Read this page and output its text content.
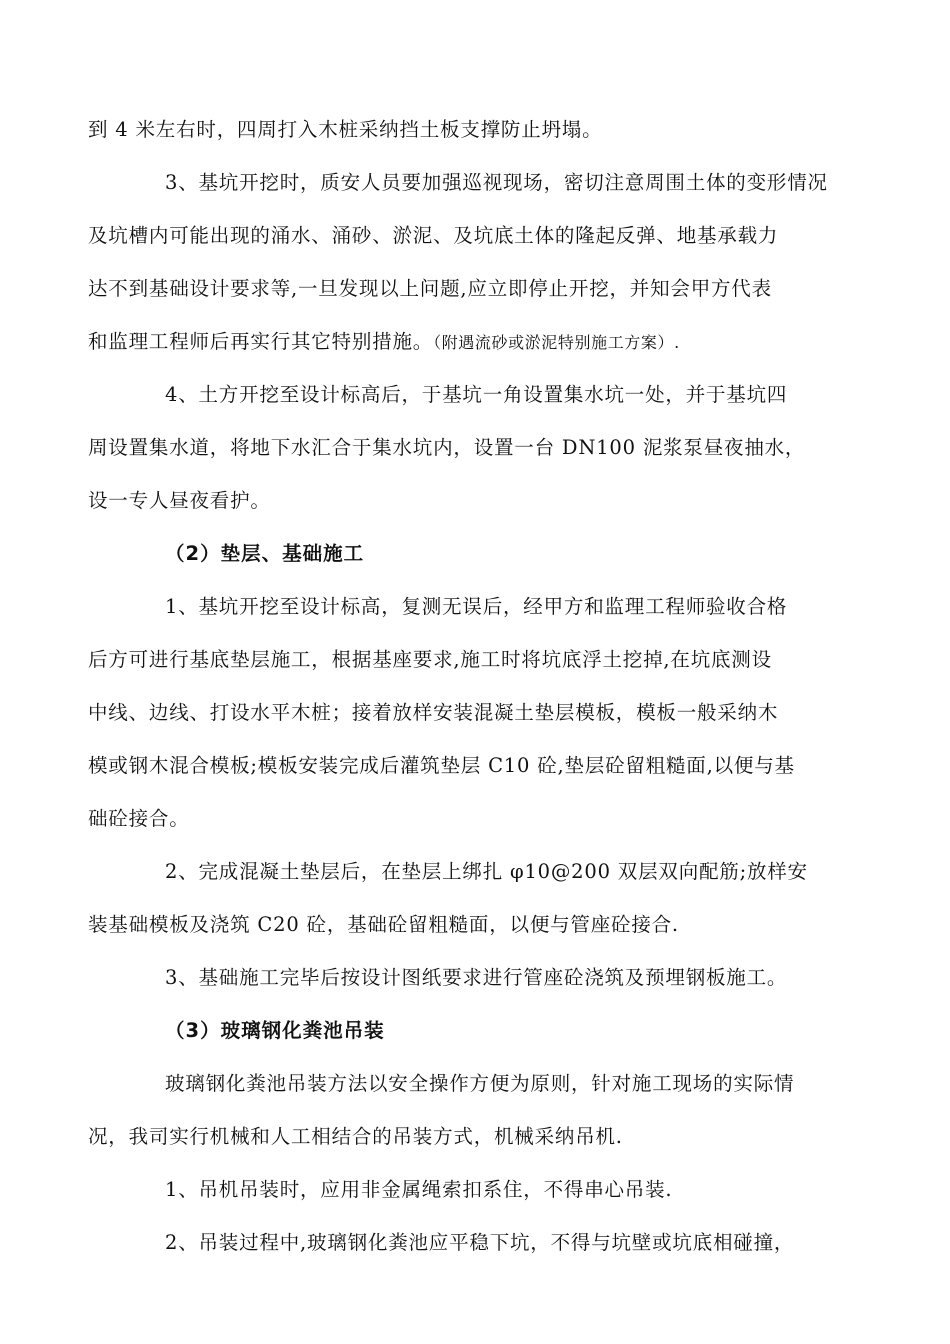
到 4 米左右时，四周打入木桩采纳挡土板支撑防止坍塌。
3、基坑开挖时，质安人员要加强巡视现场，密切注意周围土体的变形情况
及坑槽内可能出现的涌水、涌砂、淤泥、及坑底土体的隆起反弹、地基承载力
达不到基础设计要求等,一旦发现以上问题,应立即停止开挖，并知会甲方代表
和监理工程师后再实行其它特别措施。（附遇流砂或淤泥特别施工方案）.
4、土方开挖至设计标高后，于基坑一角设置集水坑一处，并于基坑四
周设置集水道，将地下水汇合于集水坑内，设置一台 DN100 泥浆泵昼夜抽水，
设一专人昼夜看护。
（2）垫层、基础施工
1、基坑开挖至设计标高，复测无误后，经甲方和监理工程师验收合格
后方可进行基底垫层施工，根据基座要求,施工时将坑底浮土挖掉,在坑底测设
中线、边线、打设水平木桩；接着放样安装混凝土垫层模板，模板一般采纳木
模或钢木混合模板;模板安装完成后灌筑垫层 C10 砼,垫层砼留粗糙面,以便与基
础砼接合。
2、完成混凝土垫层后，在垫层上绑扎 φ10@200 双层双向配筋;放样安
装基础模板及浇筑 C20 砼，基础砼留粗糙面，以便与管座砼接合.
3、基础施工完毕后按设计图纸要求进行管座砼浇筑及预埋钢板施工。
（3）玻璃钢化粪池吊装
玻璃钢化粪池吊装方法以安全操作方便为原则，针对施工现场的实际情
况，我司实行机械和人工相结合的吊装方式，机械采纳吊机.
1、吊机吊装时，应用非金属绳索扣系住，不得串心吊装.
2、吊装过程中,玻璃钢化粪池应平稳下坑，不得与坑壁或坑底相碰撞，
